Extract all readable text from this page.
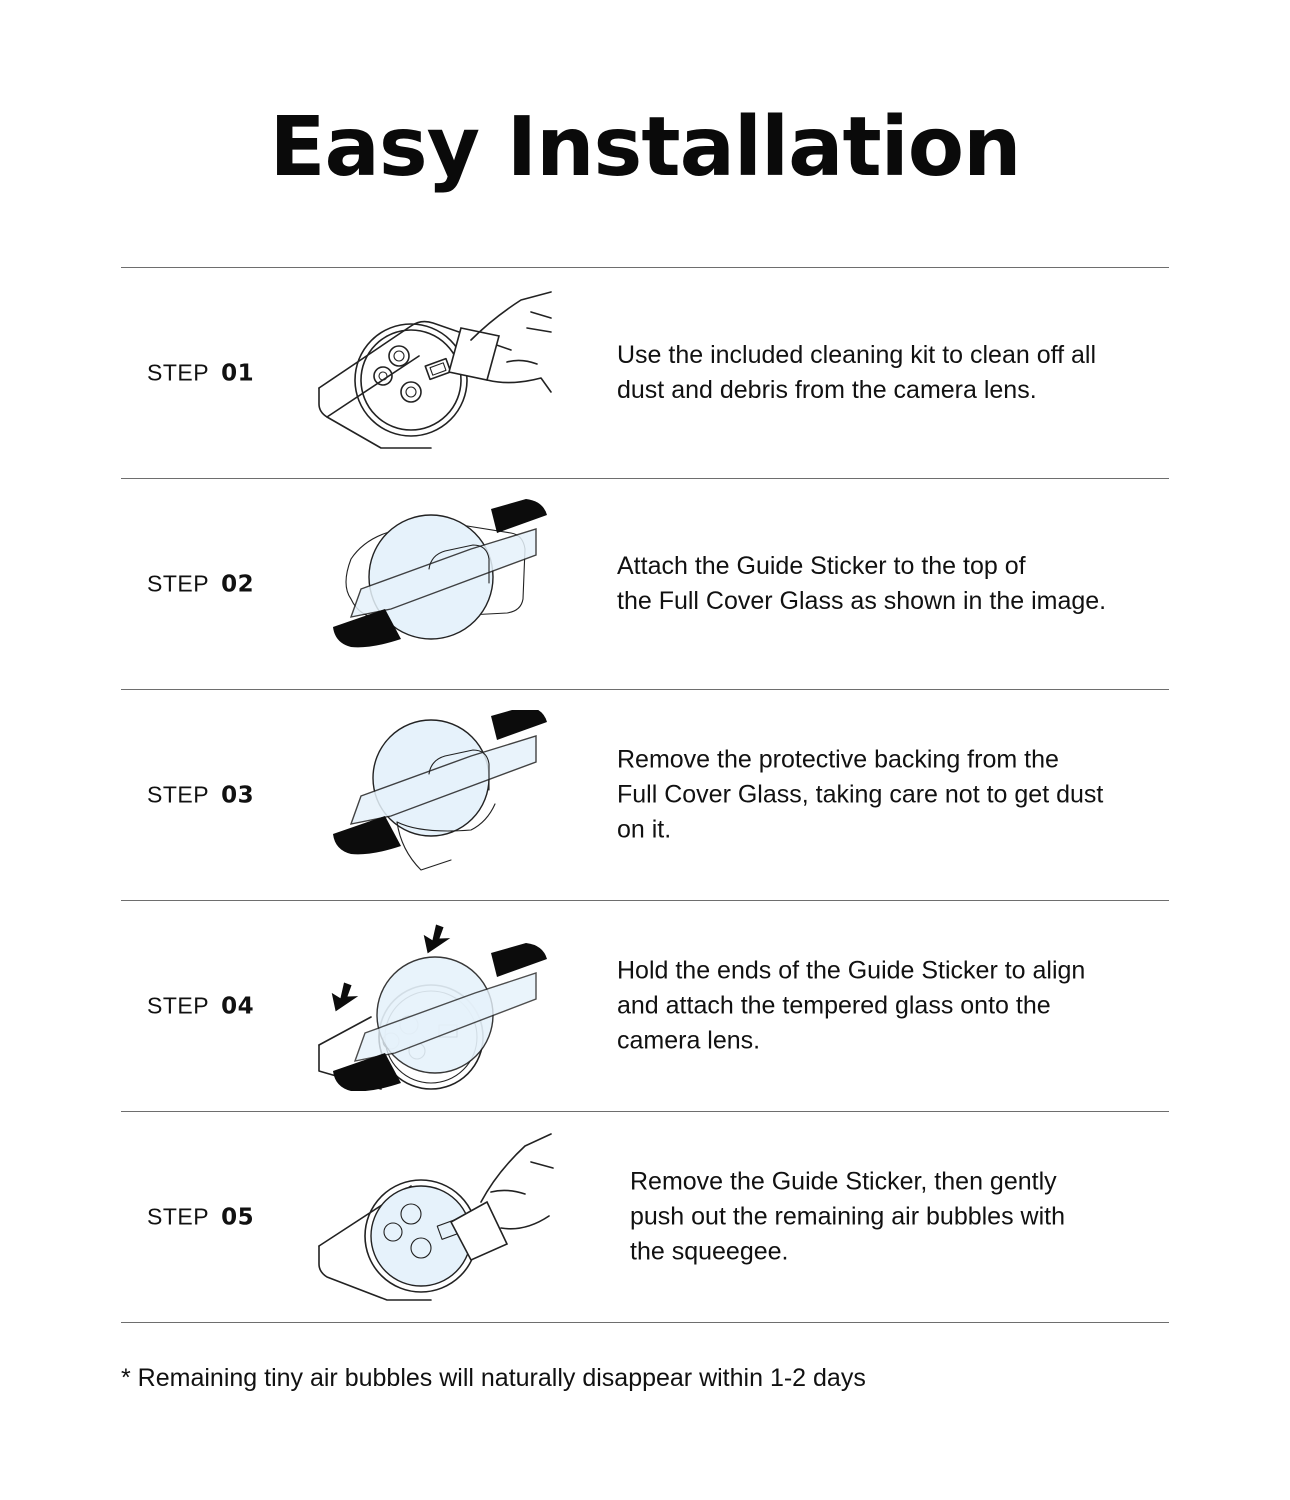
Easy Installation
STEP 01
Use the included cleaning kit to clean off all
dust and debris from the camera lens.
STEP 02
Attach the Guide Sticker to the top of
the Full Cover Glass as shown in the image.
STEP 03
Remove the protective backing from the
Full Cover Glass, taking care not to get dust
on it.
STEP 04
Hold the ends of the Guide Sticker to align
and attach the tempered glass onto the
camera lens.
STEP 05
Remove the Guide Sticker, then gently
push out the remaining air bubbles with
the squeegee.
* Remaining tiny air bubbles will naturally disappear within 1-2 days
